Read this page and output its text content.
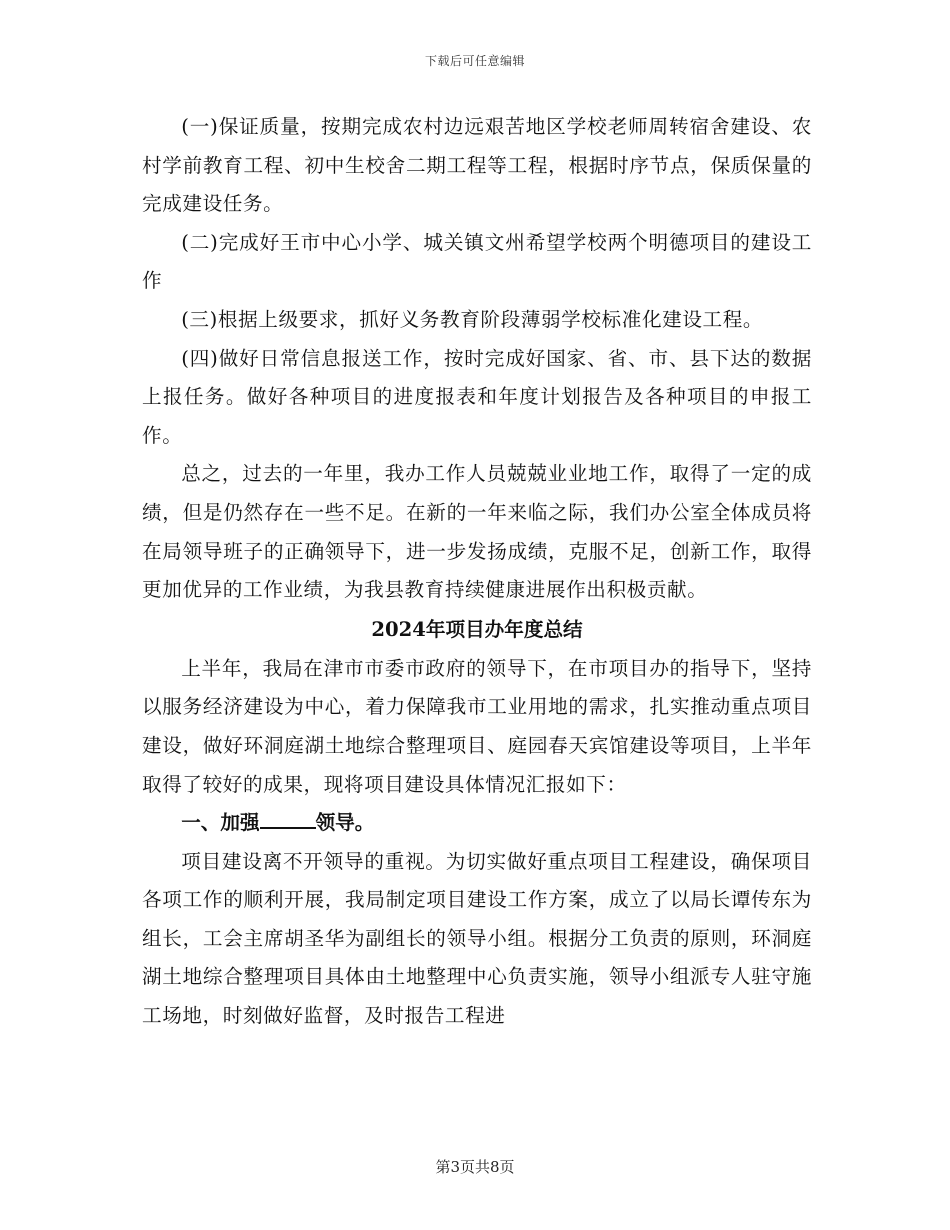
下载后可任意编辑

(一)保证质量，按期完成农村边远艰苦地区学校老师周转宿舍建设、农村学前教育工程、初中生校舍二期工程等工程，根据时序节点，保质保量的完成建设任务。

(二)完成好王市中心小学、城关镇文州希望学校两个明德项目的建设工作

(三)根据上级要求，抓好义务教育阶段薄弱学校标准化建设工程。

(四)做好日常信息报送工作，按时完成好国家、省、市、县下达的数据上报任务。做好各种项目的进度报表和年度计划报告及各种项目的申报工作。

总之，过去的一年里，我办工作人员兢兢业业地工作，取得了一定的成绩，但是仍然存在一些不足。在新的一年来临之际，我们办公室全体成员将在局领导班子的正确领导下，进一步发扬成绩，克服不足，创新工作，取得更加优异的工作业绩，为我县教育持续健康进展作出积极贡献。

2024年项目办年度总结

上半年，我局在津市市委市政府的领导下，在市项目办的指导下，坚持以服务经济建设为中心，着力保障我市工业用地的需求，扎实推动重点项目建设，做好环洞庭湖土地综合整理项目、庭园春天宾馆建设等项目，上半年取得了较好的成果，现将项目建设具体情况汇报如下：

一、加强	领导。

项目建设离不开领导的重视。为切实做好重点项目工程建设，确保项目各项工作的顺利开展，我局制定项目建设工作方案，成立了以局长谭传东为组长，工会主席胡圣华为副组长的领导小组。根据分工负责的原则，环洞庭湖土地综合整理项目具体由土地整理中心负责实施，领导小组派专人驻守施工场地，时刻做好监督，及时报告工程进

第3页共8页
